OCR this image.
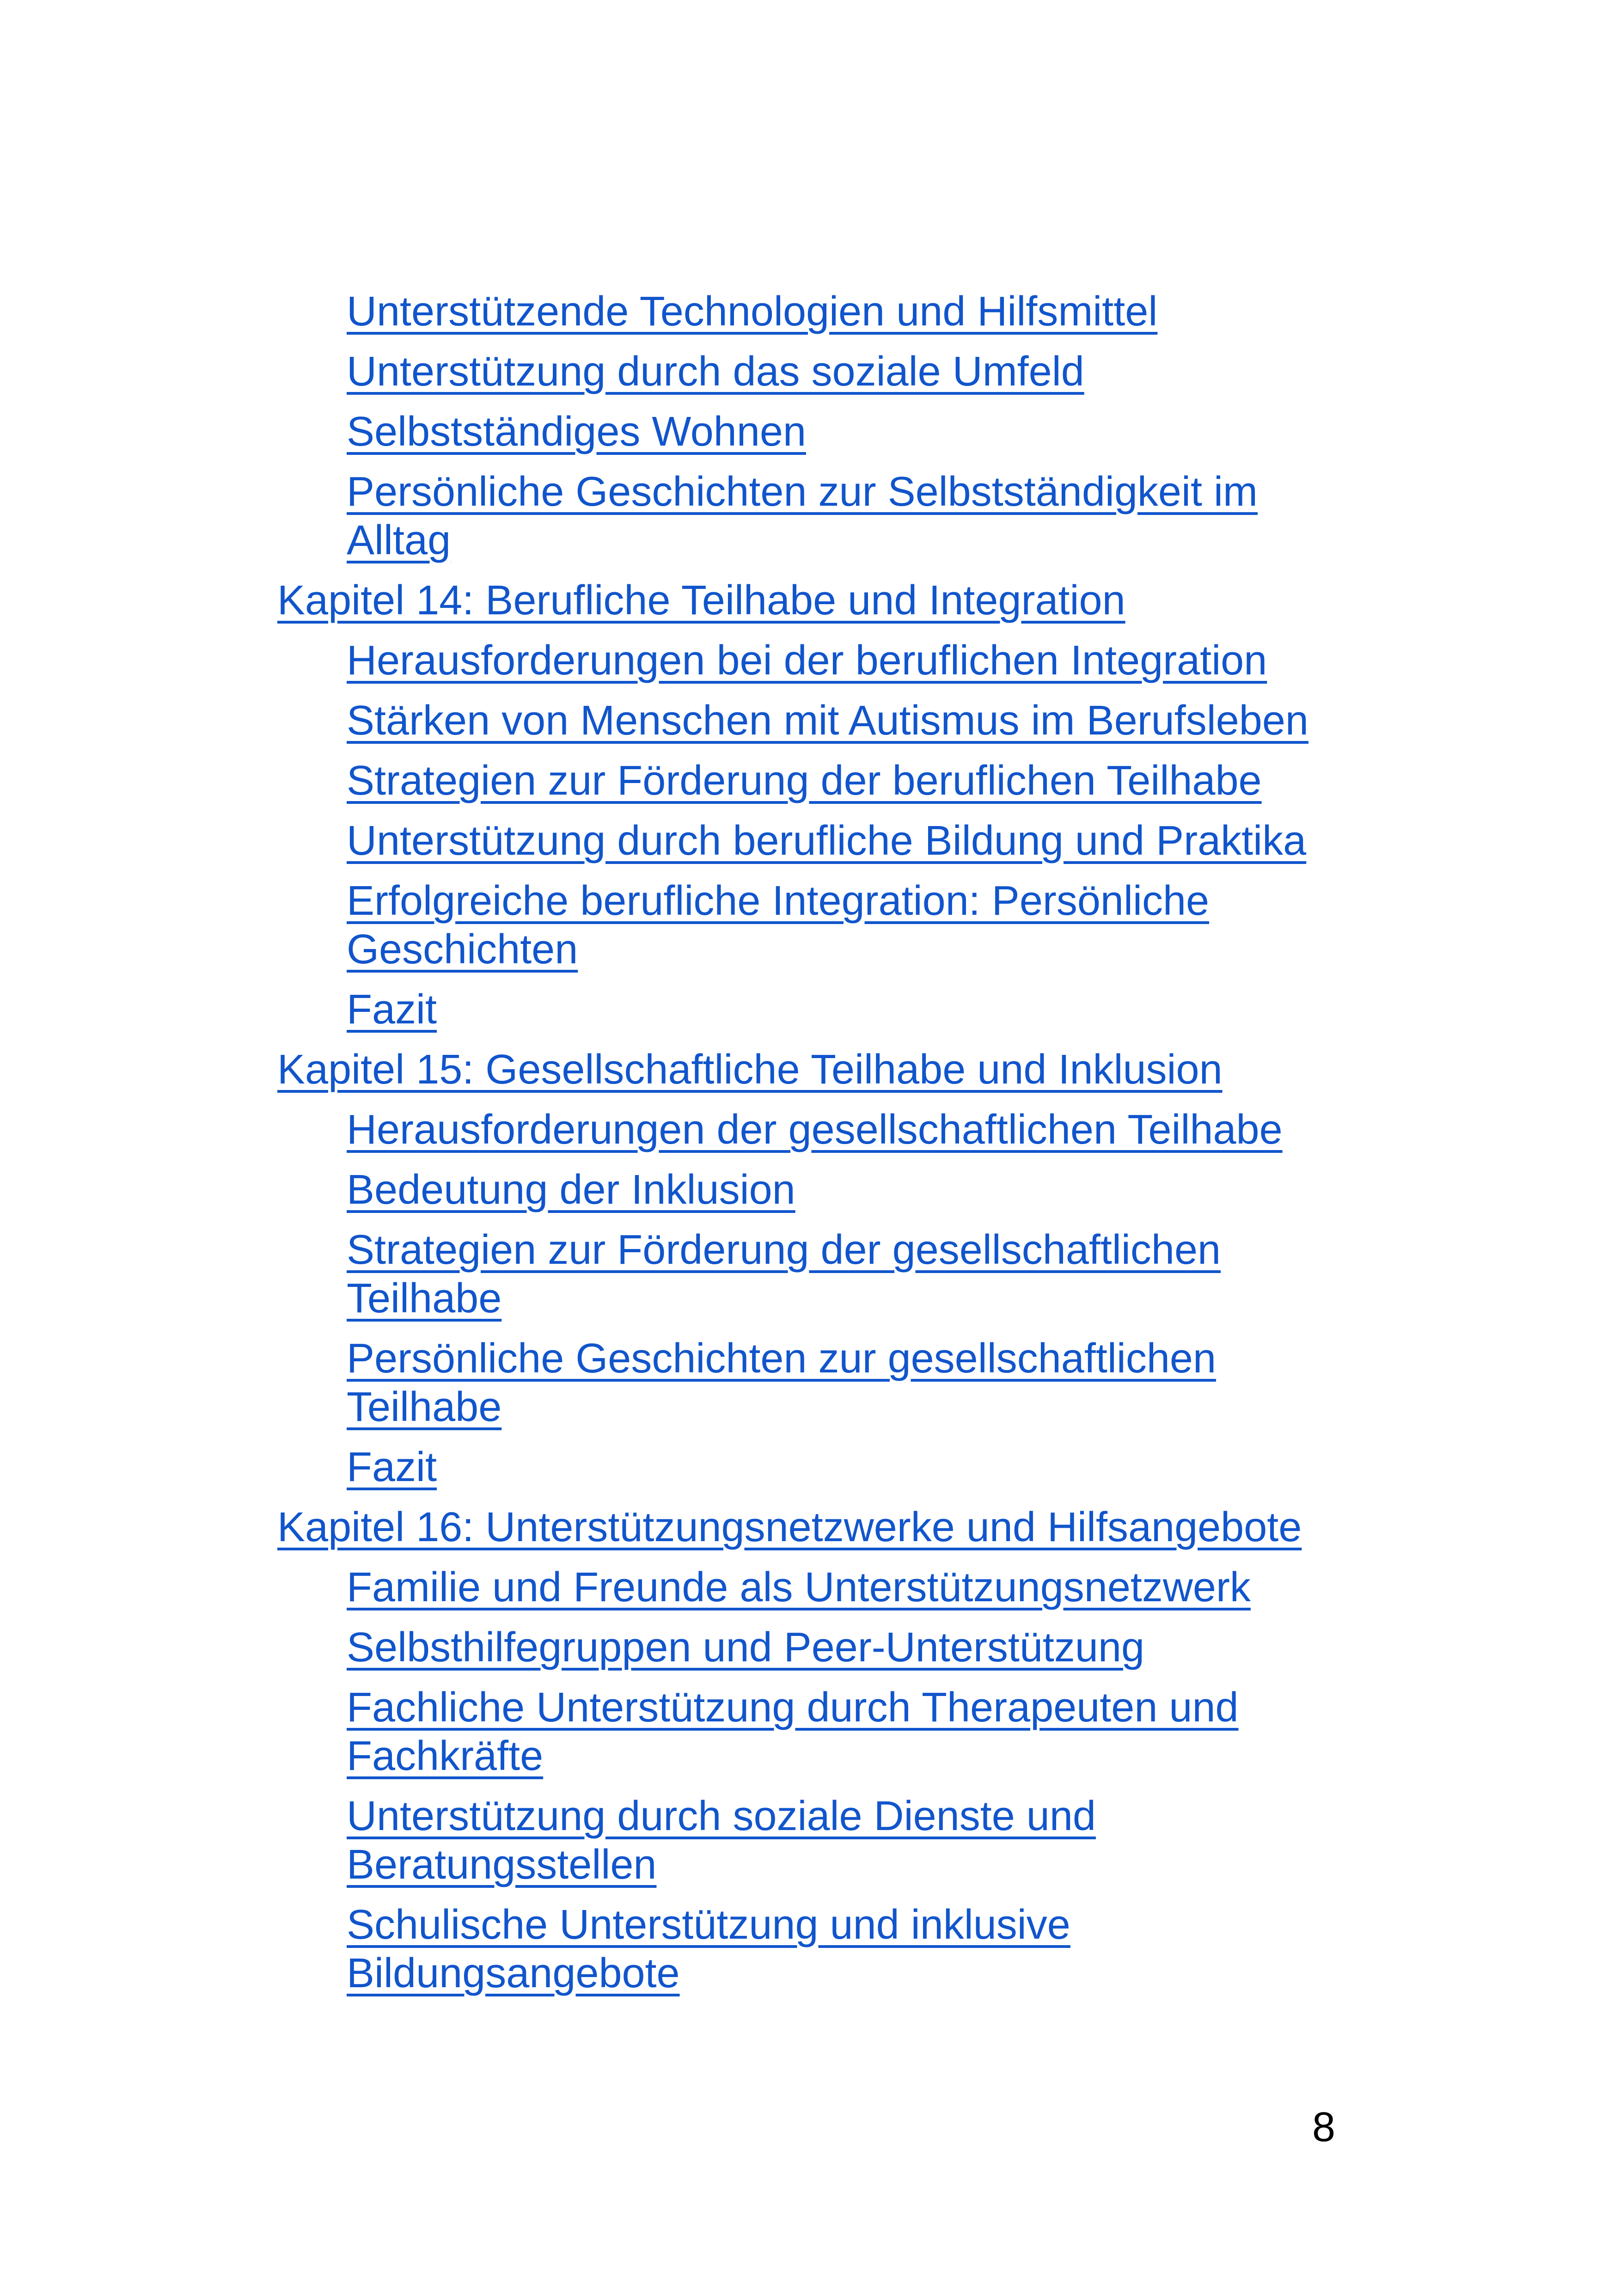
Unterstützende Technologien und Hilfsmittel
Unterstützung durch das soziale Umfeld
Selbstständiges Wohnen
Persönliche Geschichten zur Selbstständigkeit im
Alltag
Kapitel 14: Berufliche Teilhabe und Integration
Herausforderungen bei der beruflichen Integration
Stärken von Menschen mit Autismus im Berufsleben
Strategien zur Förderung der beruflichen Teilhabe
Unterstützung durch berufliche Bildung und Praktika
Erfolgreiche berufliche Integration: Persönliche
Geschichten
Fazit
Kapitel 15: Gesellschaftliche Teilhabe und Inklusion
Herausforderungen der gesellschaftlichen Teilhabe
Bedeutung der Inklusion
Strategien zur Förderung der gesellschaftlichen
Teilhabe
Persönliche Geschichten zur gesellschaftlichen
Teilhabe
Fazit
Kapitel 16: Unterstützungsnetzwerke und Hilfsangebote
Familie und Freunde als Unterstützungsnetzwerk
Selbsthilfegruppen und Peer-Unterstützung
Fachliche Unterstützung durch Therapeuten und
Fachkräfte
Unterstützung durch soziale Dienste und
Beratungsstellen
Schulische Unterstützung und inklusive
Bildungsangebote
8
